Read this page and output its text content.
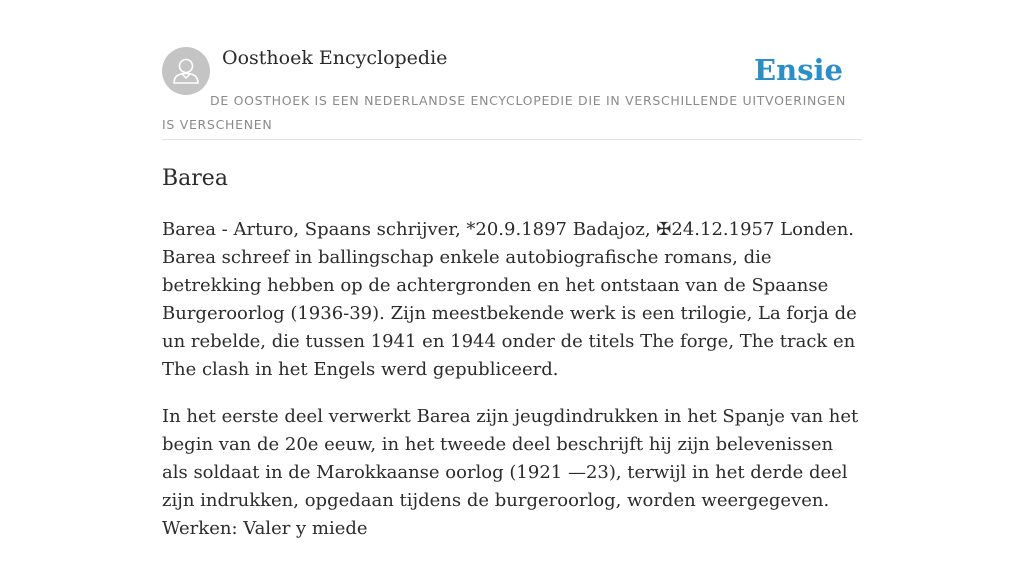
Oosthoek Encyclopedie	Ensie
DE OOSTHOEK IS EEN NEDERLANDSE ENCYCLOPEDIE DIE IN VERSCHILLENDE UITVOERINGEN IS VERSCHENEN
Barea

Barea - Arturo, Spaans schrijver, *20.9.1897 Badajoz, ✠24.12.1957 Londen. Barea schreef in ballingschap enkele autobiografische romans, die betrekking hebben op de achtergronden en het ontstaan van de Spaanse Burgeroorlog (1936-39). Zijn meestbekende werk is een trilogie, La forja de un rebelde, die tussen 1941 en 1944 onder de titels The forge, The track en The clash in het Engels werd gepubliceerd.

In het eerste deel verwerkt Barea zijn jeugdindrukken in het Spanje van het begin van de 20e eeuw, in het tweede deel beschrijft hij zijn belevenissen als soldaat in de Marokkaanse oorlog (1921 —23), terwijl in het derde deel zijn indrukken, opgedaan tijdens de burgeroorlog, worden weergegeven. Werken: Valer y miede
